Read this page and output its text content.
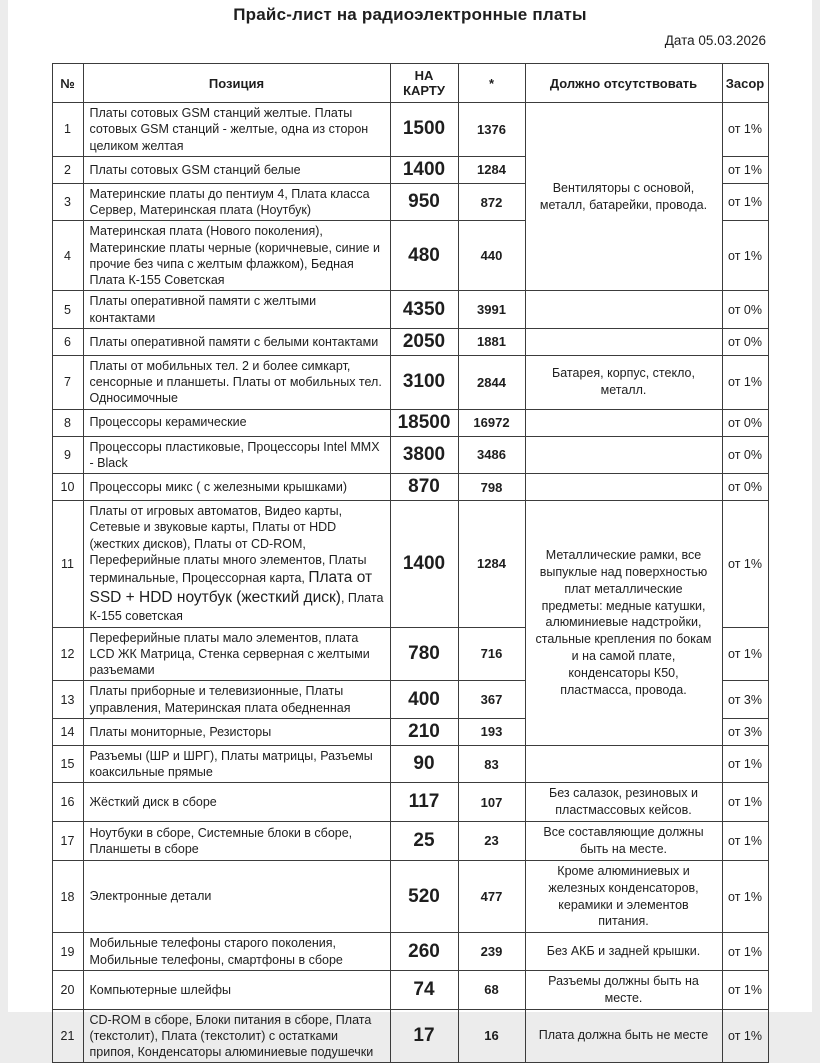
Прайс-лист на радиоэлектронные платы
Дата 05.03.2026
№	Позиция	НА КАРТУ	*	Должно отсутствовать	Засор
1	Платы сотовых GSM станций желтые. Платы сотовых GSM станций - желтые, одна из сторон целиком желтая	1500	1376	Вентиляторы с основой, металл, батарейки, провода.	от 1%
2	Платы сотовых GSM станций белые	1400	1284		от 1%
3	Материнские платы до пентиум 4, Плата класса Сервер, Материнская плата (Ноутбук)	950	872		от 1%
4	Материнская плата (Нового поколения), Материнские платы черные (коричневые, синие и прочие без чипа с желтым флажком), Бедная Плата К-155 Советская	480	440		от 1%
5	Платы оперативной памяти с желтыми контактами	4350	3991		от 0%
6	Платы оперативной памяти с белыми контактами	2050	1881		от 0%
7	Платы от мобильных тел. 2 и более симкарт, сенсорные и планшеты. Платы от мобильных тел. Односимочные	3100	2844	Батарея, корпус, стекло, металл.	от 1%
8	Процессоры керамические	18500	16972		от 0%
9	Процессоры пластиковые, Процессоры Intel MMX - Black	3800	3486		от 0%
10	Процессоры микс ( с железными крышками)	870	798		от 0%
11	Платы от игровых автоматов, Видео карты, Сетевые и звуковые карты, Платы от HDD (жестких дисков), Платы от CD-ROM, Переферийные платы много элементов, Платы терминальные, Процессорная карта, Плата от SSD + HDD ноутбук (жесткий диск), Плата К-155 советская	1400	1284	Металлические рамки, все выпуклые над поверхностью плат металлические предметы: медные катушки, алюминиевые надстройки, стальные крепления по бокам и на самой плате, конденсаторы К50, пластмасса, провода.	от 1%
12	Переферийные платы мало элементов, плата LCD ЖК Матрица, Стенка серверная с желтыми разъемами	780	716		от 1%
13	Платы приборные и телевизионные, Платы управления, Материнская плата обедненная	400	367		от 3%
14	Платы мониторные, Резисторы	210	193		от 3%
15	Разъемы (ШР и ШРГ), Платы матрицы, Разъемы коаксильные прямые	90	83		от 1%
16	Жёсткий диск в сборе	117	107	Без салазок, резиновых и пластмассовых кейсов.	от 1%
17	Ноутбуки в сборе, Системные блоки в сборе, Планшеты в сборе	25	23	Все составляющие должны быть на месте.	от 1%
18	Электронные детали	520	477	Кроме алюминиевых и железных конденсаторов, керамики и элементов питания.	от 1%
19	Мобильные телефоны старого поколения, Мобильные телефоны, смартфоны в сборе	260	239	Без АКБ и задней крышки.	от 1%
20	Компьютерные шлейфы	74	68	Разъемы должны быть на месте.	от 1%
21	CD-ROM в сборе, Блоки питания в сборе, Плата (текстолит), Плата (текстолит) с остатками припоя, Конденсаторы алюминиевые подушечки	17	16	Плата должна быть не месте	от 1%
